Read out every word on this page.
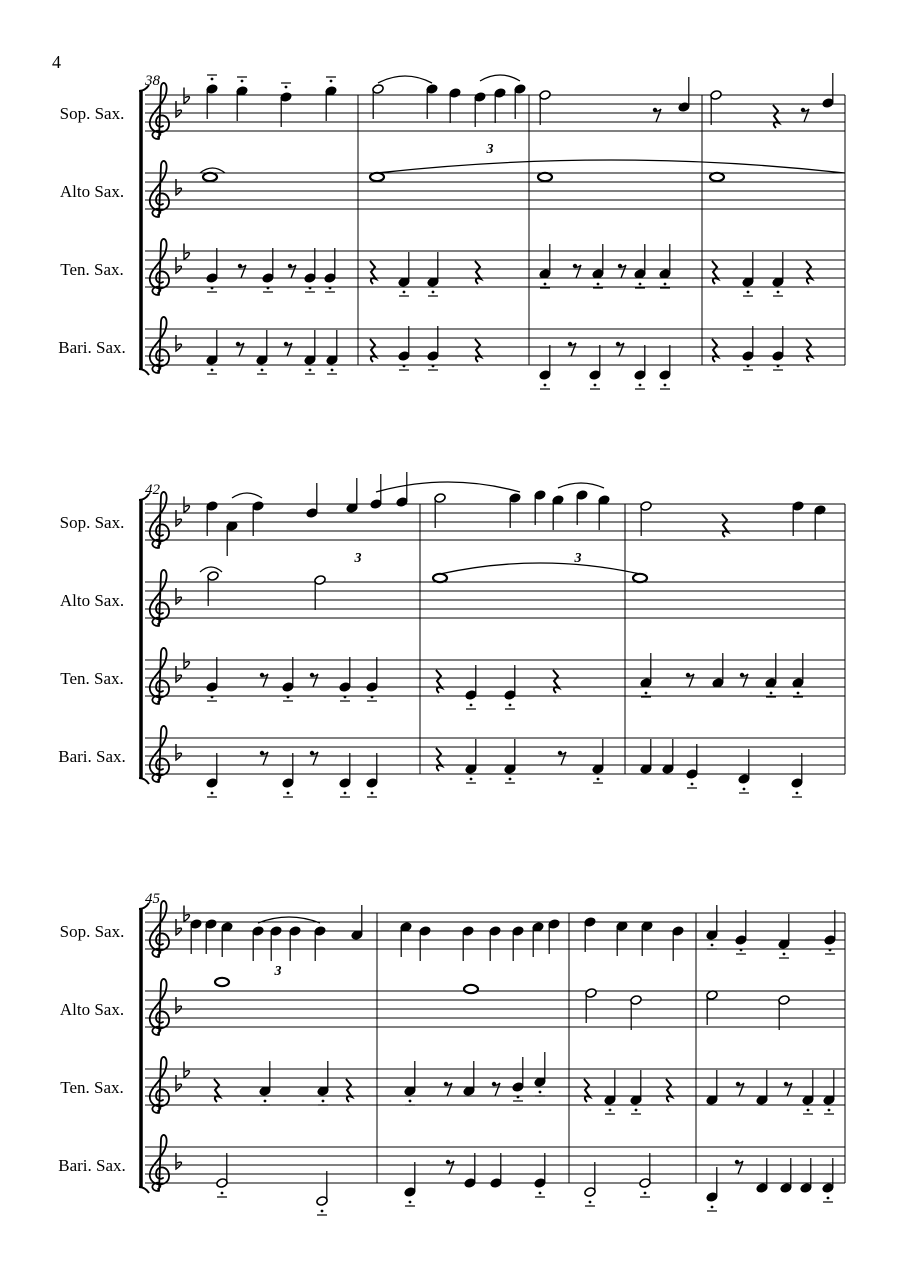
4
38
Sop. Sax.
Alto Sax.
Ten. Sax.
Bari. Sax.
42
Sop. Sax.
Alto Sax.
Ten. Sax.
Bari. Sax.
45
Sop. Sax.
Alto Sax.
Ten. Sax.
Bari. Sax.
3
3	3
3
